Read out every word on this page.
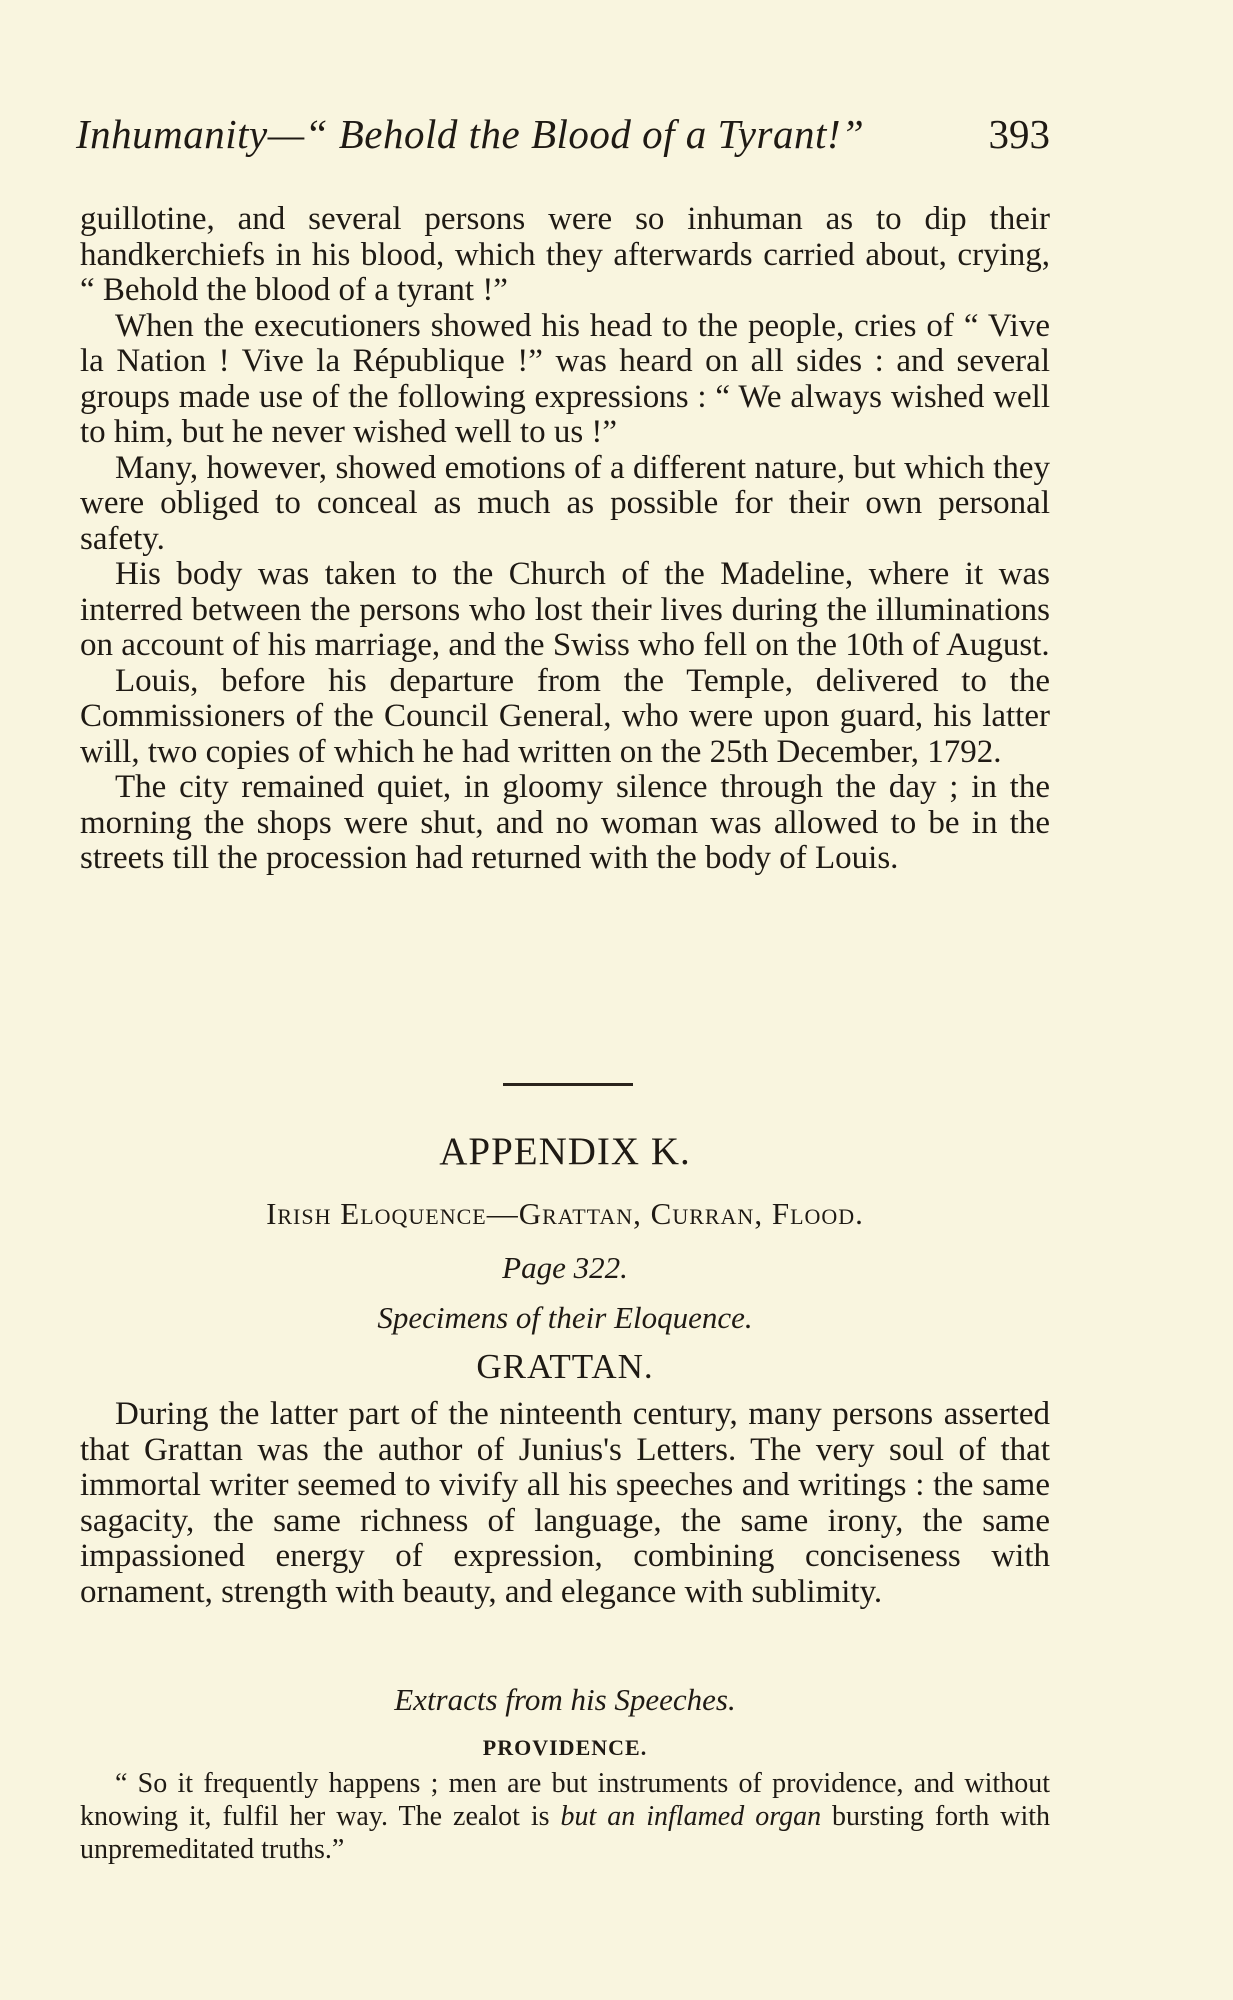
Inhumanity—“ Behold the Blood of a Tyrant!”	393

guillotine, and several persons were so inhuman as to dip their handkerchiefs in his blood, which they afterwards carried about, crying, “ Behold the blood of a tyrant !”

When the executioners showed his head to the people, cries of “ Vive la Nation ! Vive la République !” was heard on all sides : and several groups made use of the following expressions : “ We always wished well to him, but he never wished well to us !”

Many, however, showed emotions of a different nature, but which they were obliged to conceal as much as possible for their own personal safety.

His body was taken to the Church of the Madeline, where it was interred between the persons who lost their lives during the illuminations on account of his marriage, and the Swiss who fell on the 10th of August.

Louis, before his departure from the Temple, delivered to the Commissioners of the Council General, who were upon guard, his latter will, two copies of which he had written on the 25th December, 1792.

The city remained quiet, in gloomy silence through the day ; in the morning the shops were shut, and no woman was allowed to be in the streets till the procession had returned with the body of Louis.

APPENDIX K.
Irish Eloquence—Grattan, Curran, Flood.
Page 322.
Specimens of their Eloquence.
GRATTAN.

During the latter part of the ninteenth century, many persons asserted that Grattan was the author of Junius's Letters. The very soul of that immortal writer seemed to vivify all his speeches and writings : the same sagacity, the same richness of language, the same irony, the same impassioned energy of expression, combining conciseness with ornament, strength with beauty, and elegance with sublimity.

Extracts from his Speeches.
PROVIDENCE.

“ So it frequently happens ; men are but instruments of providence, and without knowing it, fulfil her way. The zealot is but an inflamed organ bursting forth with unpremeditated truths.”
